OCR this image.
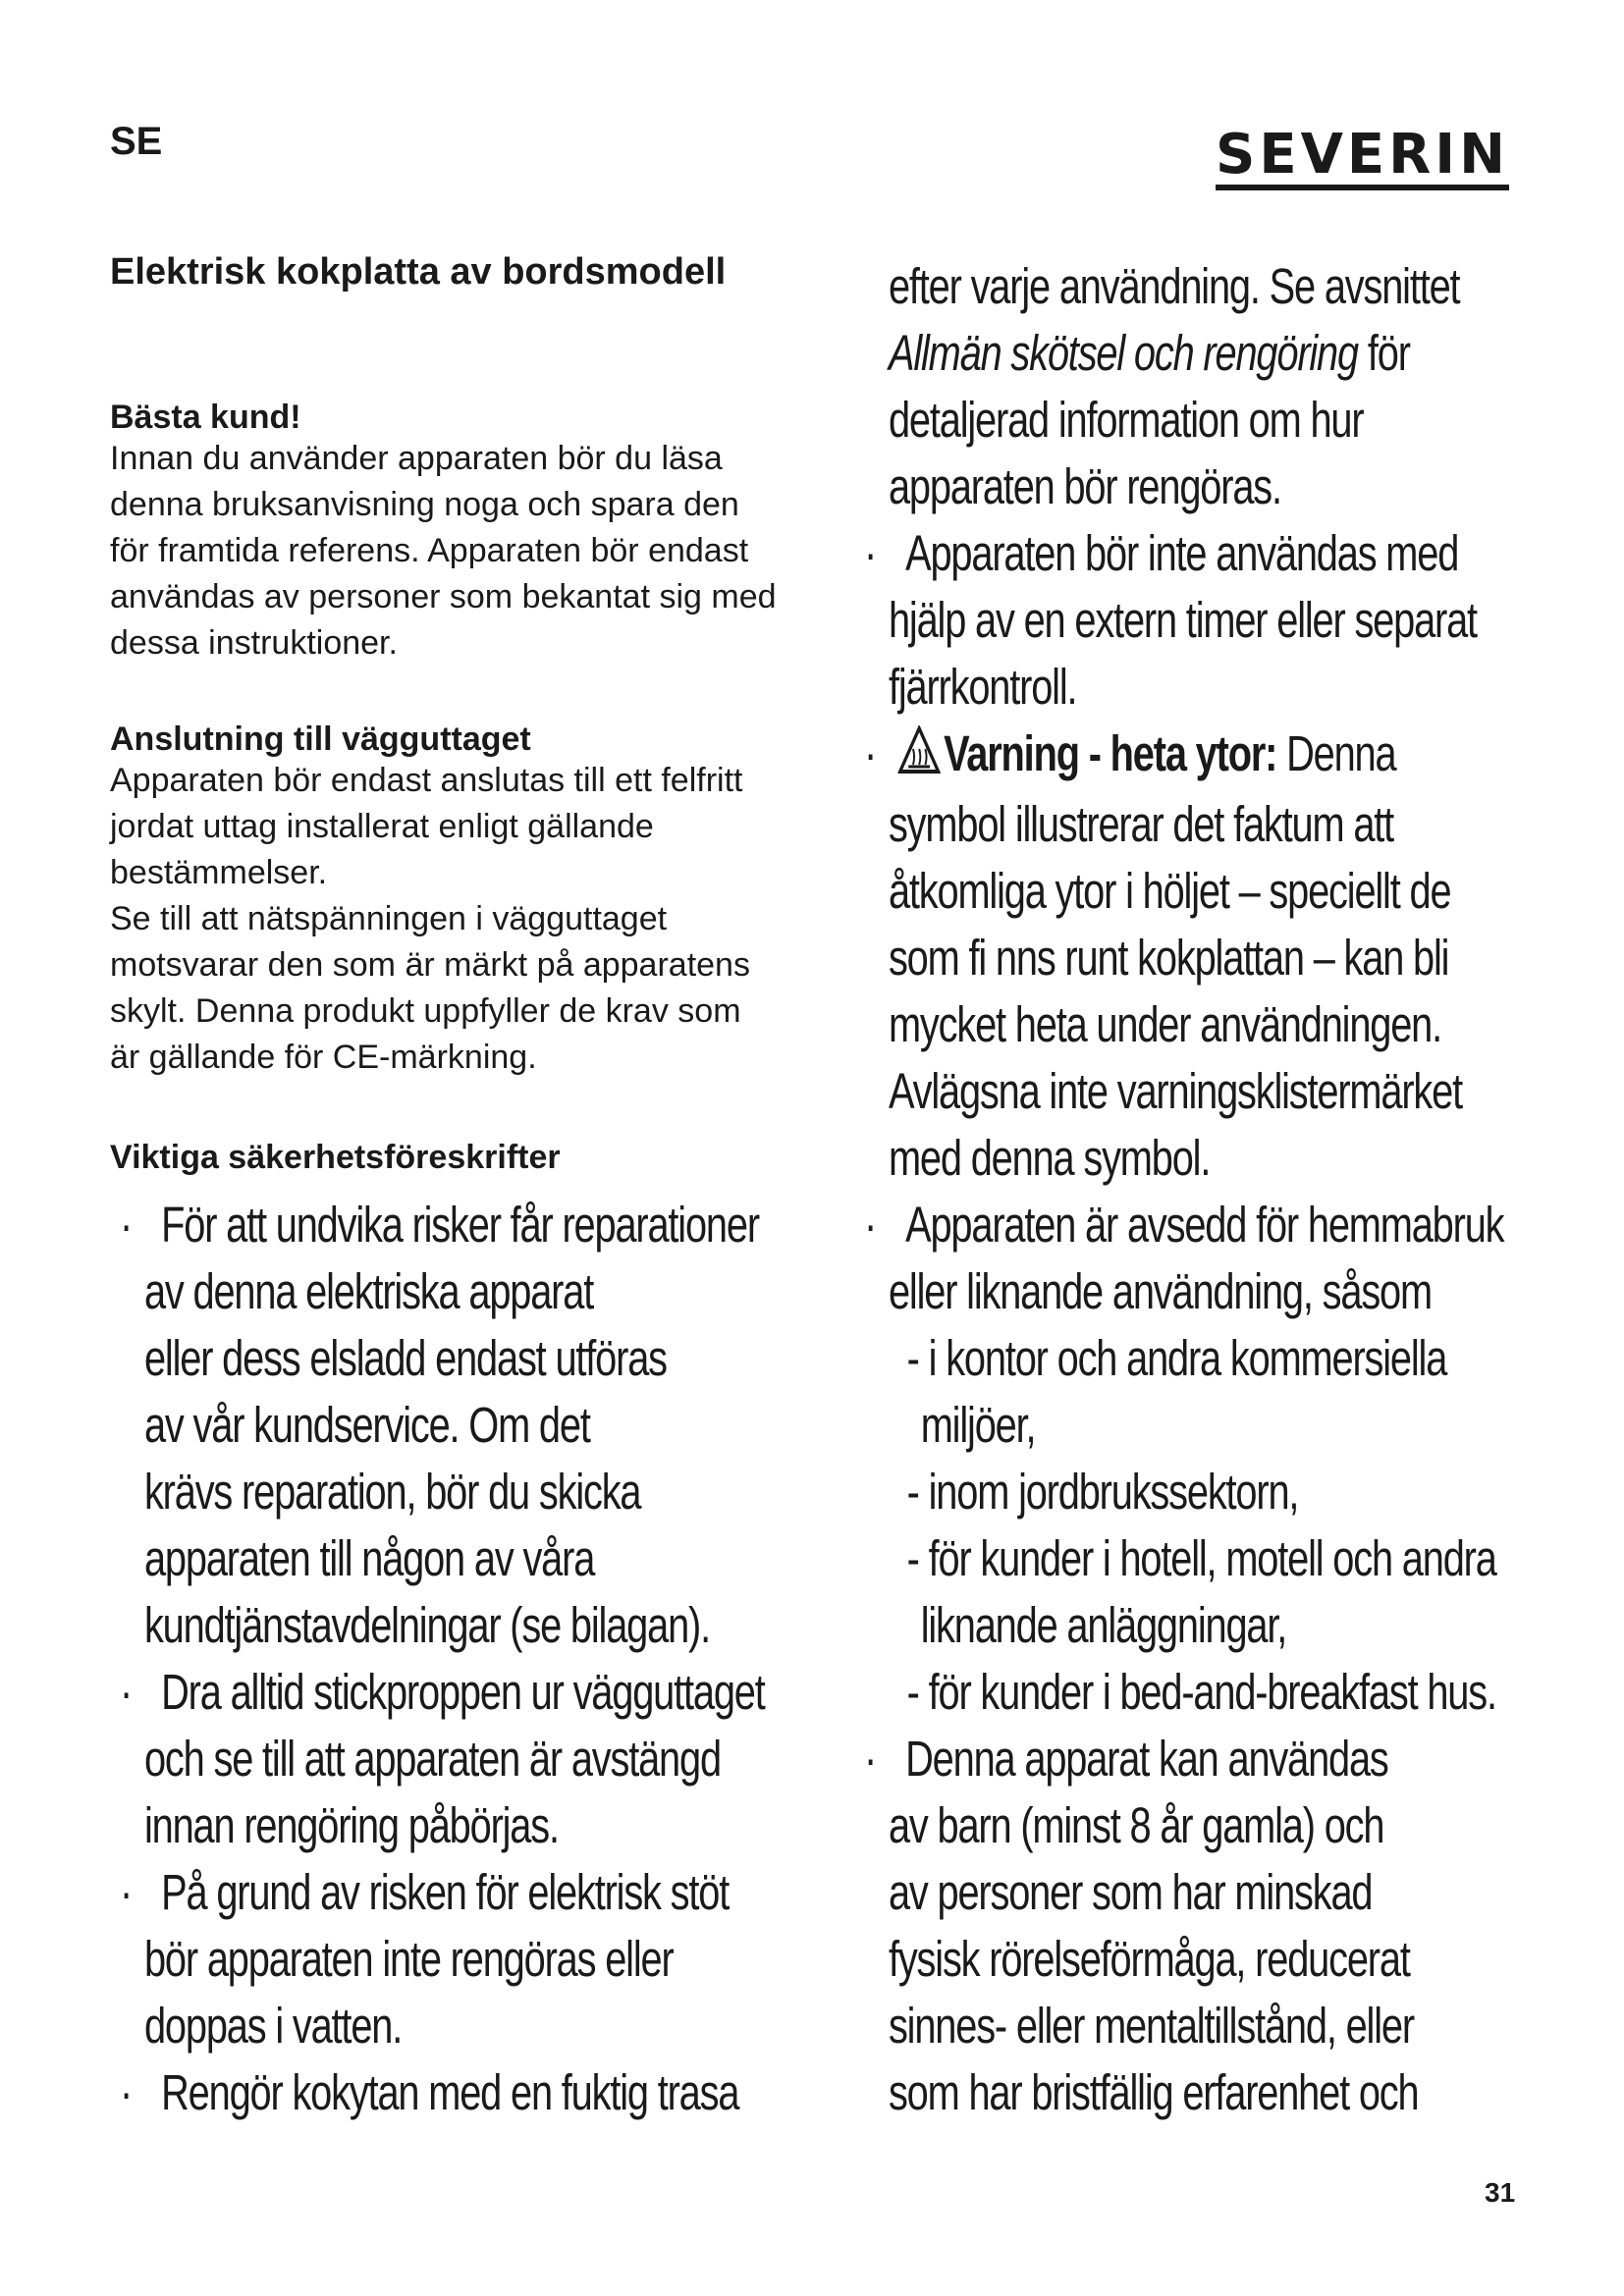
SE	SEVERIN
Elektrisk kokplatta av bordsmodell
Bästa kund!
Innan du använder apparaten bör du läsa
denna bruksanvisning noga och spara den
för framtida referens. Apparaten bör endast
användas av personer som bekantat sig med
dessa instruktioner.
Anslutning till vägguttaget
Apparaten bör endast anslutas till ett felfritt
jordat uttag installerat enligt gällande
bestämmelser.
Se till att nätspänningen i vägguttaget
motsvarar den som är märkt på apparatens
skylt. Denna produkt uppfyller de krav som
är gällande för CE-märkning.
Viktiga säkerhetsföreskrifter
· För att undvika risker får reparationer
av denna elektriska apparat
eller dess elsladd endast utföras
av vår kundservice. Om det
krävs reparation, bör du skicka
apparaten till någon av våra
kundtjänstavdelningar (se bilagan).
· Dra alltid stickproppen ur vägguttaget
och se till att apparaten är avstängd
innan rengöring påbörjas.
· På grund av risken för elektrisk stöt
bör apparaten inte rengöras eller
doppas i vatten.
· Rengör kokytan med en fuktig trasa
efter varje användning. Se avsnittet
Allmän skötsel och rengöring för
detaljerad information om hur
apparaten bör rengöras.
· Apparaten bör inte användas med
hjälp av en extern timer eller separat
fjärrkontroll.
· Varning - heta ytor: Denna
symbol illustrerar det faktum att
åtkomliga ytor i höljet – speciellt de
som fi nns runt kokplattan – kan bli
mycket heta under användningen.
Avlägsna inte varningsklistermärket
med denna symbol.
· Apparaten är avsedd för hemmabruk
eller liknande användning, såsom
- i kontor och andra kommersiella
miljöer,
- inom jordbrukssektorn,
- för kunder i hotell, motell och andra
liknande anläggningar,
- för kunder i bed-and-breakfast hus.
· Denna apparat kan användas
av barn (minst 8 år gamla) och
av personer som har minskad
fysisk rörelseförmåga, reducerat
sinnes- eller mentaltillstånd, eller
som har bristfällig erfarenhet och
31
